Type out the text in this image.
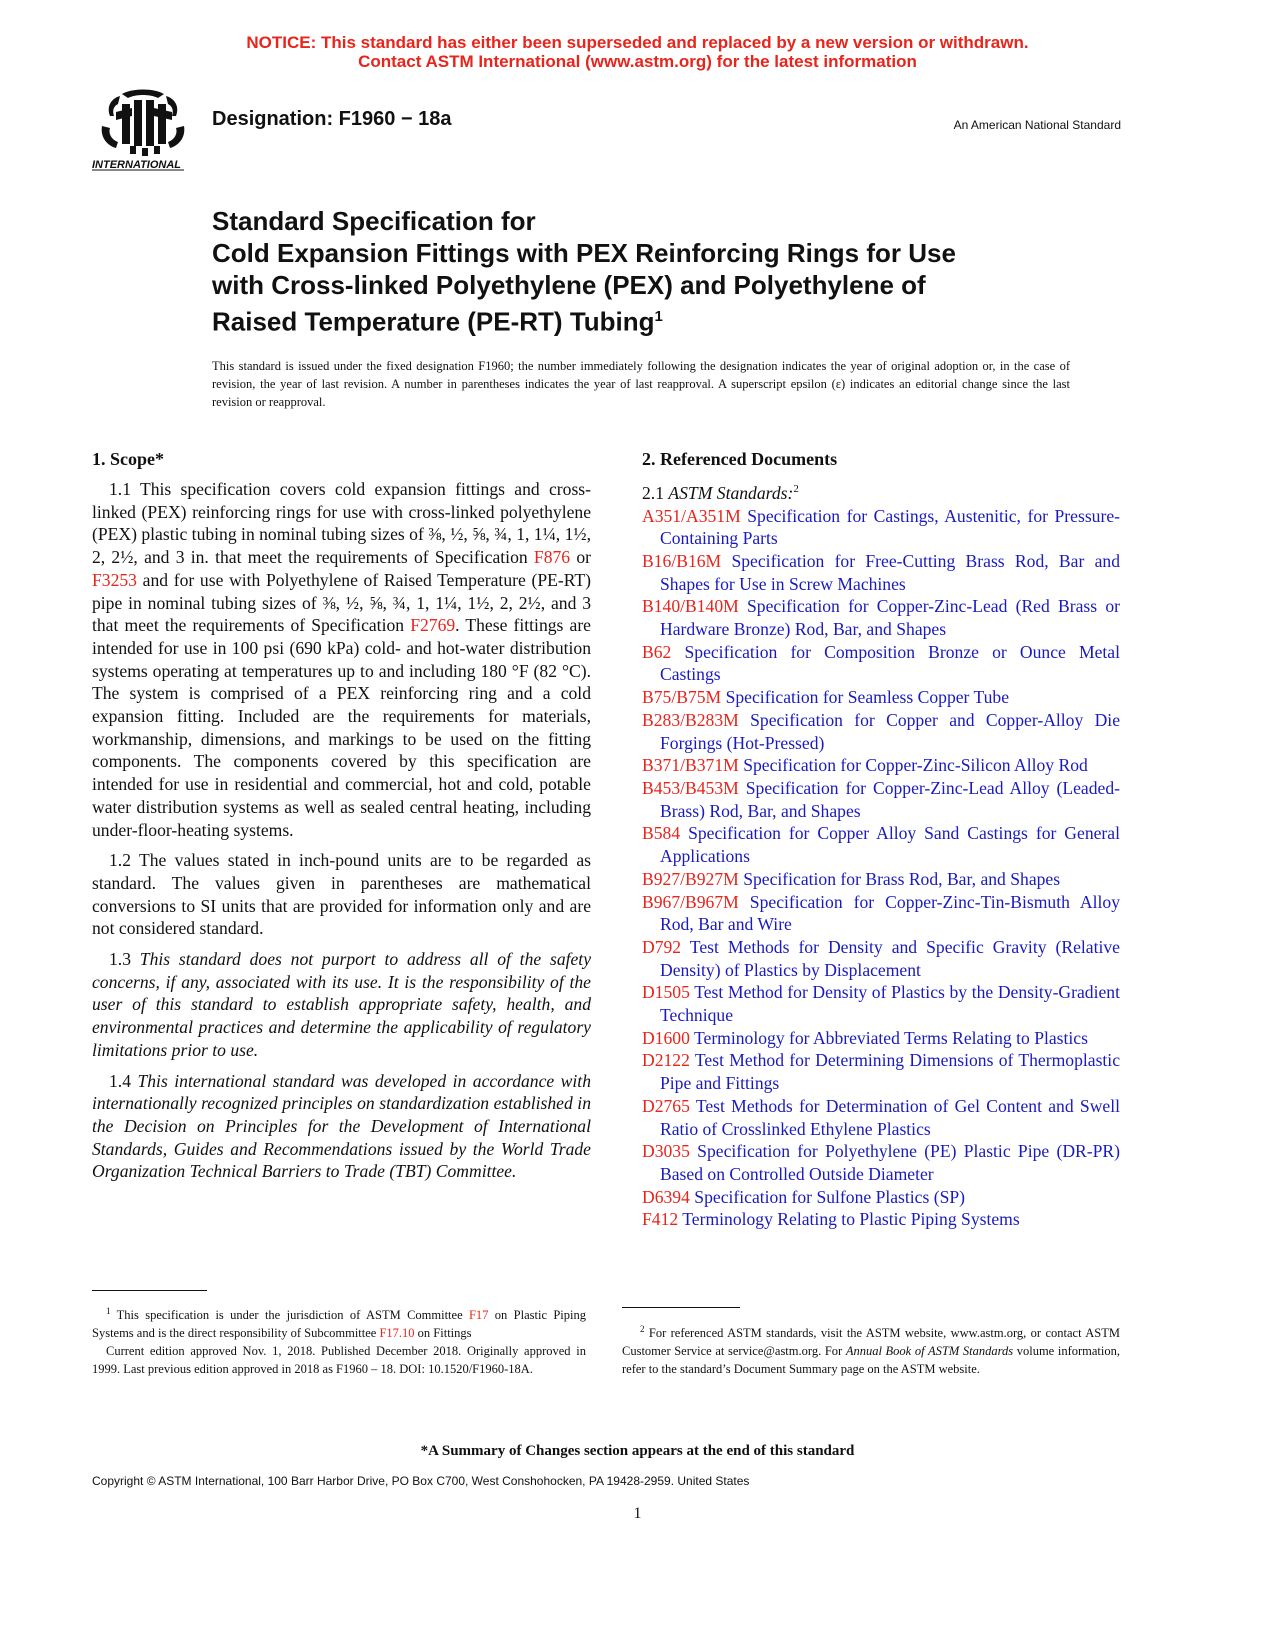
NOTICE: This standard has either been superseded and replaced by a new version or withdrawn.
Contact ASTM International (www.astm.org) for the latest information
INTERNATIONAL
Designation: F1960 − 18a	An American National Standard
Standard Specification for
Cold Expansion Fittings with PEX Reinforcing Rings for Use
with Cross-linked Polyethylene (PEX) and Polyethylene of
Raised Temperature (PE-RT) Tubing$^1$
This standard is issued under the fixed designation F1960; the number immediately following the designation indicates the year of original adoption or, in the case of revision, the year of last revision. A number in parentheses indicates the year of last reapproval. A superscript epsilon (ε) indicates an editorial change since the last revision or reapproval.
1. Scope*

1.1 This specification covers cold expansion fittings and cross-linked (PEX) reinforcing rings for use with cross-linked polyethylene (PEX) plastic tubing in nominal tubing sizes of ⅜, ½, ⅝, ¾, 1, 1¼, 1½, 2, 2½, and 3 in. that meet the requirements of Specification F876 or F3253 and for use with Polyethylene of Raised Temperature (PE-RT) pipe in nominal tubing sizes of ⅜, ½, ⅝, ¾, 1, 1¼, 1½, 2, 2½, and 3 that meet the requirements of Specification F2769. These fittings are intended for use in 100 psi (690 kPa) cold- and hot-water distribution systems operating at temperatures up to and including 180 °F (82 °C). The system is comprised of a PEX reinforcing ring and a cold expansion fitting. Included are the requirements for materials, workmanship, dimensions, and markings to be used on the fitting components. The components covered by this specification are intended for use in residential and commercial, hot and cold, potable water distribution systems as well as sealed central heating, including under-floor-heating systems.

1.2 The values stated in inch-pound units are to be regarded as standard. The values given in parentheses are mathematical conversions to SI units that are provided for information only and are not considered standard.

1.3 This standard does not purport to address all of the safety concerns, if any, associated with its use. It is the responsibility of the user of this standard to establish appropriate safety, health, and environmental practices and determine the applicability of regulatory limitations prior to use.

1.4 This international standard was developed in accordance with internationally recognized principles on standardization established in the Decision on Principles for the Development of International Standards, Guides and Recommendations issued by the World Trade Organization Technical Barriers to Trade (TBT) Committee.

2. Referenced Documents
2.1 ASTM Standards:$^2$
A351/A351M Specification for Castings, Austenitic, for Pressure-Containing Parts
B16/B16M Specification for Free-Cutting Brass Rod, Bar and Shapes for Use in Screw Machines
B140/B140M Specification for Copper-Zinc-Lead (Red Brass or Hardware Bronze) Rod, Bar, and Shapes
B62 Specification for Composition Bronze or Ounce Metal Castings
B75/B75M Specification for Seamless Copper Tube
B283/B283M Specification for Copper and Copper-Alloy Die Forgings (Hot-Pressed)
B371/B371M Specification for Copper-Zinc-Silicon Alloy Rod
B453/B453M Specification for Copper-Zinc-Lead Alloy (Leaded-Brass) Rod, Bar, and Shapes
B584 Specification for Copper Alloy Sand Castings for General Applications
B927/B927M Specification for Brass Rod, Bar, and Shapes
B967/B967M Specification for Copper-Zinc-Tin-Bismuth Alloy Rod, Bar and Wire
D792 Test Methods for Density and Specific Gravity (Relative Density) of Plastics by Displacement
D1505 Test Method for Density of Plastics by the Density-Gradient Technique
D1600 Terminology for Abbreviated Terms Relating to Plastics
D2122 Test Method for Determining Dimensions of Thermoplastic Pipe and Fittings
D2765 Test Methods for Determination of Gel Content and Swell Ratio of Crosslinked Ethylene Plastics
D3035 Specification for Polyethylene (PE) Plastic Pipe (DR-PR) Based on Controlled Outside Diameter
D6394 Specification for Sulfone Plastics (SP)
F412 Terminology Relating to Plastic Piping Systems
$^1$ This specification is under the jurisdiction of ASTM Committee F17 on Plastic Piping Systems and is the direct responsibility of Subcommittee F17.10 on Fittings
Current edition approved Nov. 1, 2018. Published December 2018. Originally approved in 1999. Last previous edition approved in 2018 as F1960 – 18. DOI: 10.1520/F1960-18A.
$^2$ For referenced ASTM standards, visit the ASTM website, www.astm.org, or contact ASTM Customer Service at service@astm.org. For Annual Book of ASTM Standards volume information, refer to the standard’s Document Summary page on the ASTM website.
*A Summary of Changes section appears at the end of this standard
Copyright © ASTM International, 100 Barr Harbor Drive, PO Box C700, West Conshohocken, PA 19428-2959. United States
1
